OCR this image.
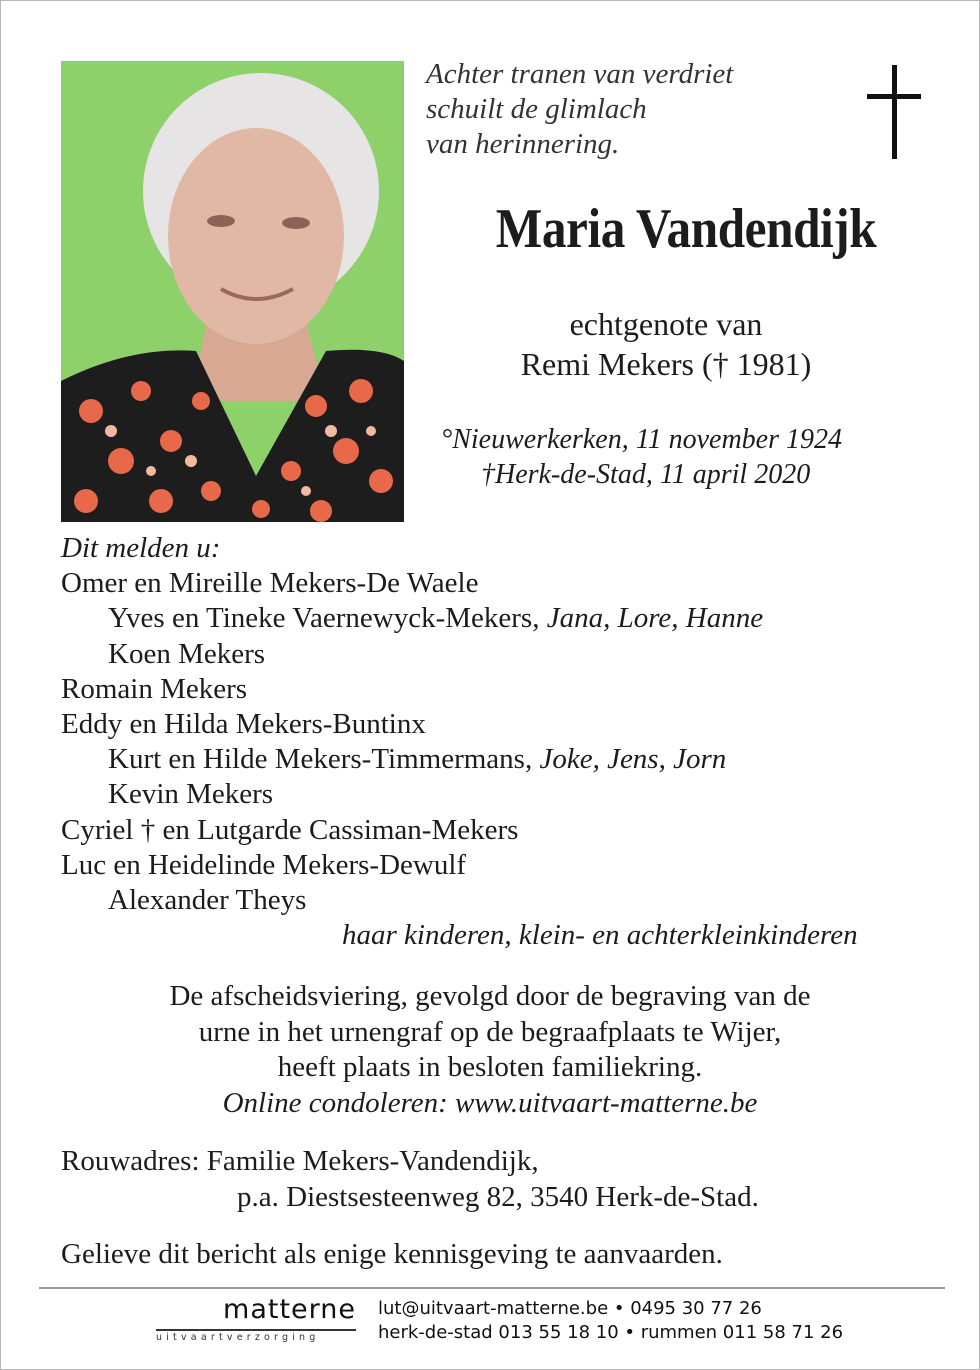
Achter tranen van verdriet
schuilt de glimlach
van herinnering.
Maria Vandendijk
echtgenote van
Remi Mekers († 1981)
°Nieuwerkerken, 11 november 1924
†Herk-de-Stad, 11 april 2020
Dit melden u:
Omer en Mireille Mekers-De Waele
Yves en Tineke Vaernewyck-Mekers, Jana, Lore, Hanne
Koen Mekers
Romain Mekers
Eddy en Hilda Mekers-Buntinx
Kurt en Hilde Mekers-Timmermans, Joke, Jens, Jorn
Kevin Mekers
Cyriel † en Lutgarde Cassiman-Mekers
Luc en Heidelinde Mekers-Dewulf
Alexander Theys
haar kinderen, klein- en achterkleinkinderen
De afscheidsviering, gevolgd door de begraving van de
urne in het urnengraf op de begraafplaats te Wijer,
heeft plaats in besloten familiekring.
Online condoleren: www.uitvaart-matterne.be
Rouwadres: Familie Mekers-Vandendijk,
p.a. Diestsesteenweg 82, 3540 Herk-de-Stad.
Gelieve dit bericht als enige kennisgeving te aanvaarden.
matterne
uitvaartverzorging
lut@uitvaart-matterne.be • 0495 30 77 26
herk-de-stad 013 55 18 10 • rummen 011 58 71 26
